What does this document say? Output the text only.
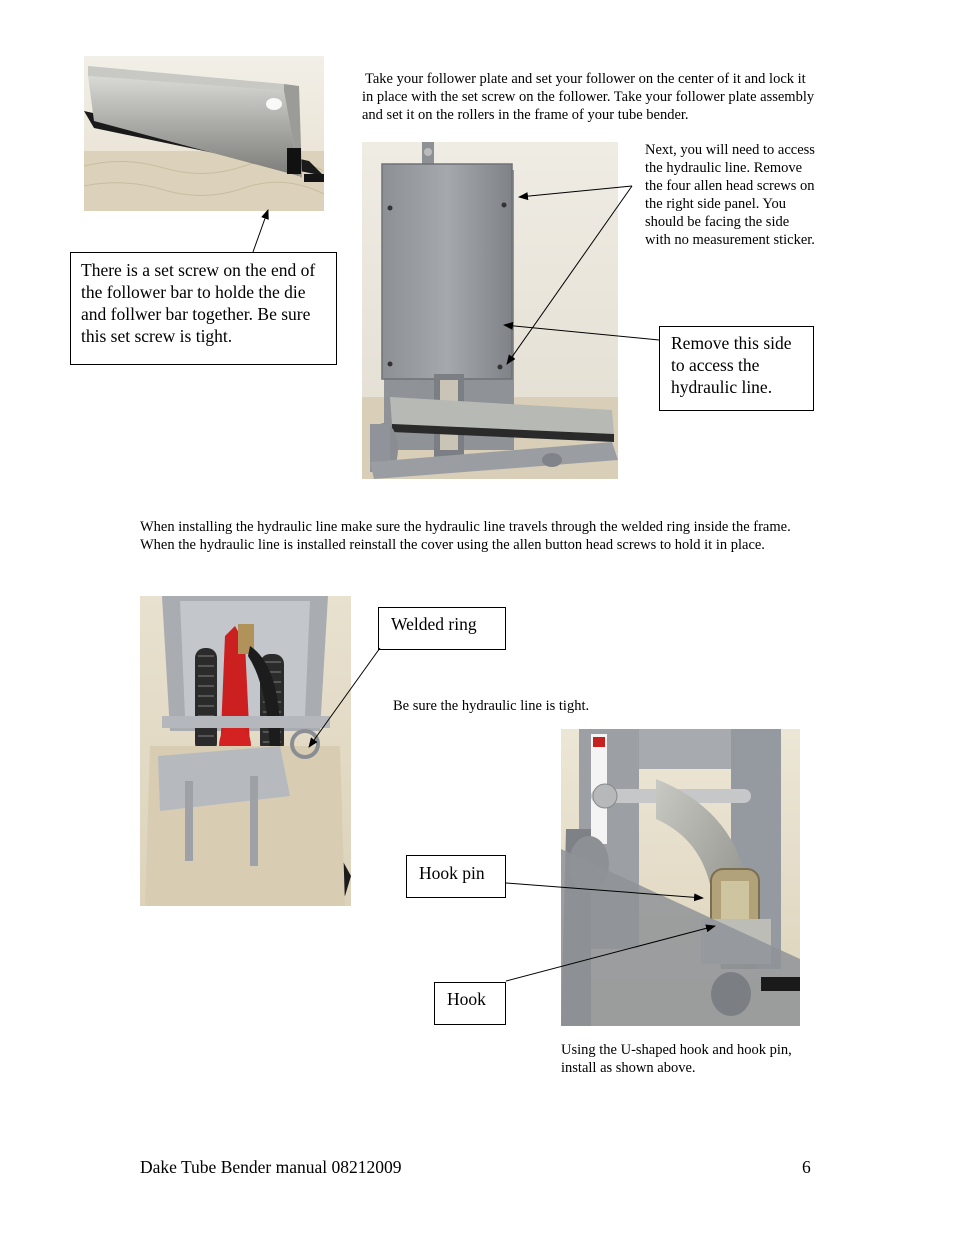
Take your follower plate and set your follower on the center of it and lock it in place with the set screw on the follower. Take your follower plate assembly and set it on the rollers in the frame of your tube bender.
Next, you will need to access the hydraulic line. Remove the four allen head screws on the right side panel. You should be facing the side with no measurement sticker.
When installing the hydraulic line make sure the hydraulic line travels through the welded ring inside the frame. When the hydraulic line is installed reinstall the cover using the allen button head screws to hold it in place.
Be sure the hydraulic line is tight.
Using the U-shaped hook and hook pin, install as shown above.
There is a set screw on the end of the follower bar to holde the die and follwer bar together. Be sure this set screw is tight.	Remove this side to access the hydraulic line.
Welded ring
Hook pin
Hook
Dake Tube Bender manual 08212009	6
